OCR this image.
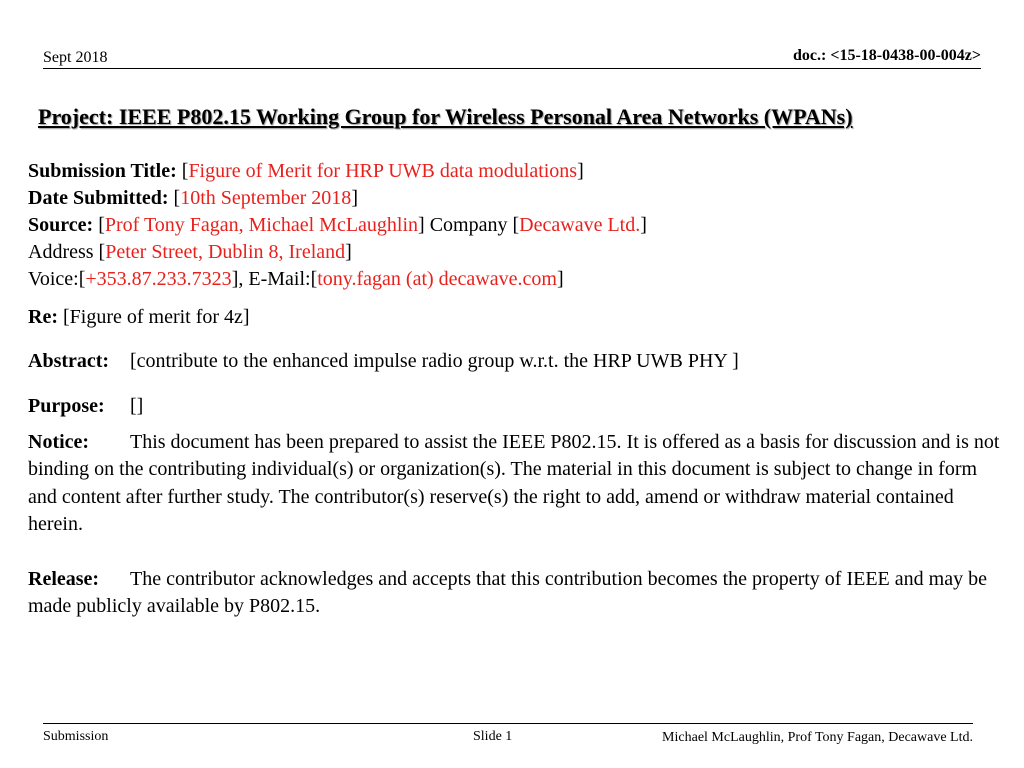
Sept 2018	doc.: <15-18-0438-00-004z>
Project: IEEE P802.15 Working Group for Wireless Personal Area Networks (WPANs)
Submission Title: [Figure of Merit for HRP UWB data modulations]
Date Submitted: [10th September 2018]
Source: [Prof Tony Fagan, Michael McLaughlin] Company [Decawave Ltd.]
Address [Peter Street, Dublin 8, Ireland]
Voice:[+353.87.233.7323], E-Mail:[tony.fagan (at) decawave.com]
Re: [Figure of merit for 4z]
Abstract: [contribute to the enhanced impulse radio group w.r.t. the HRP UWB PHY ]
Purpose: []
Notice: This document has been prepared to assist the IEEE P802.15. It is offered as a basis for discussion and is not binding on the contributing individual(s) or organization(s). The material in this document is subject to change in form and content after further study. The contributor(s) reserve(s) the right to add, amend or withdraw material contained herein.
Release: The contributor acknowledges and accepts that this contribution becomes the property of IEEE and may be made publicly available by P802.15.
Submission	Slide 1	Michael McLaughlin, Prof Tony Fagan, Decawave Ltd.
